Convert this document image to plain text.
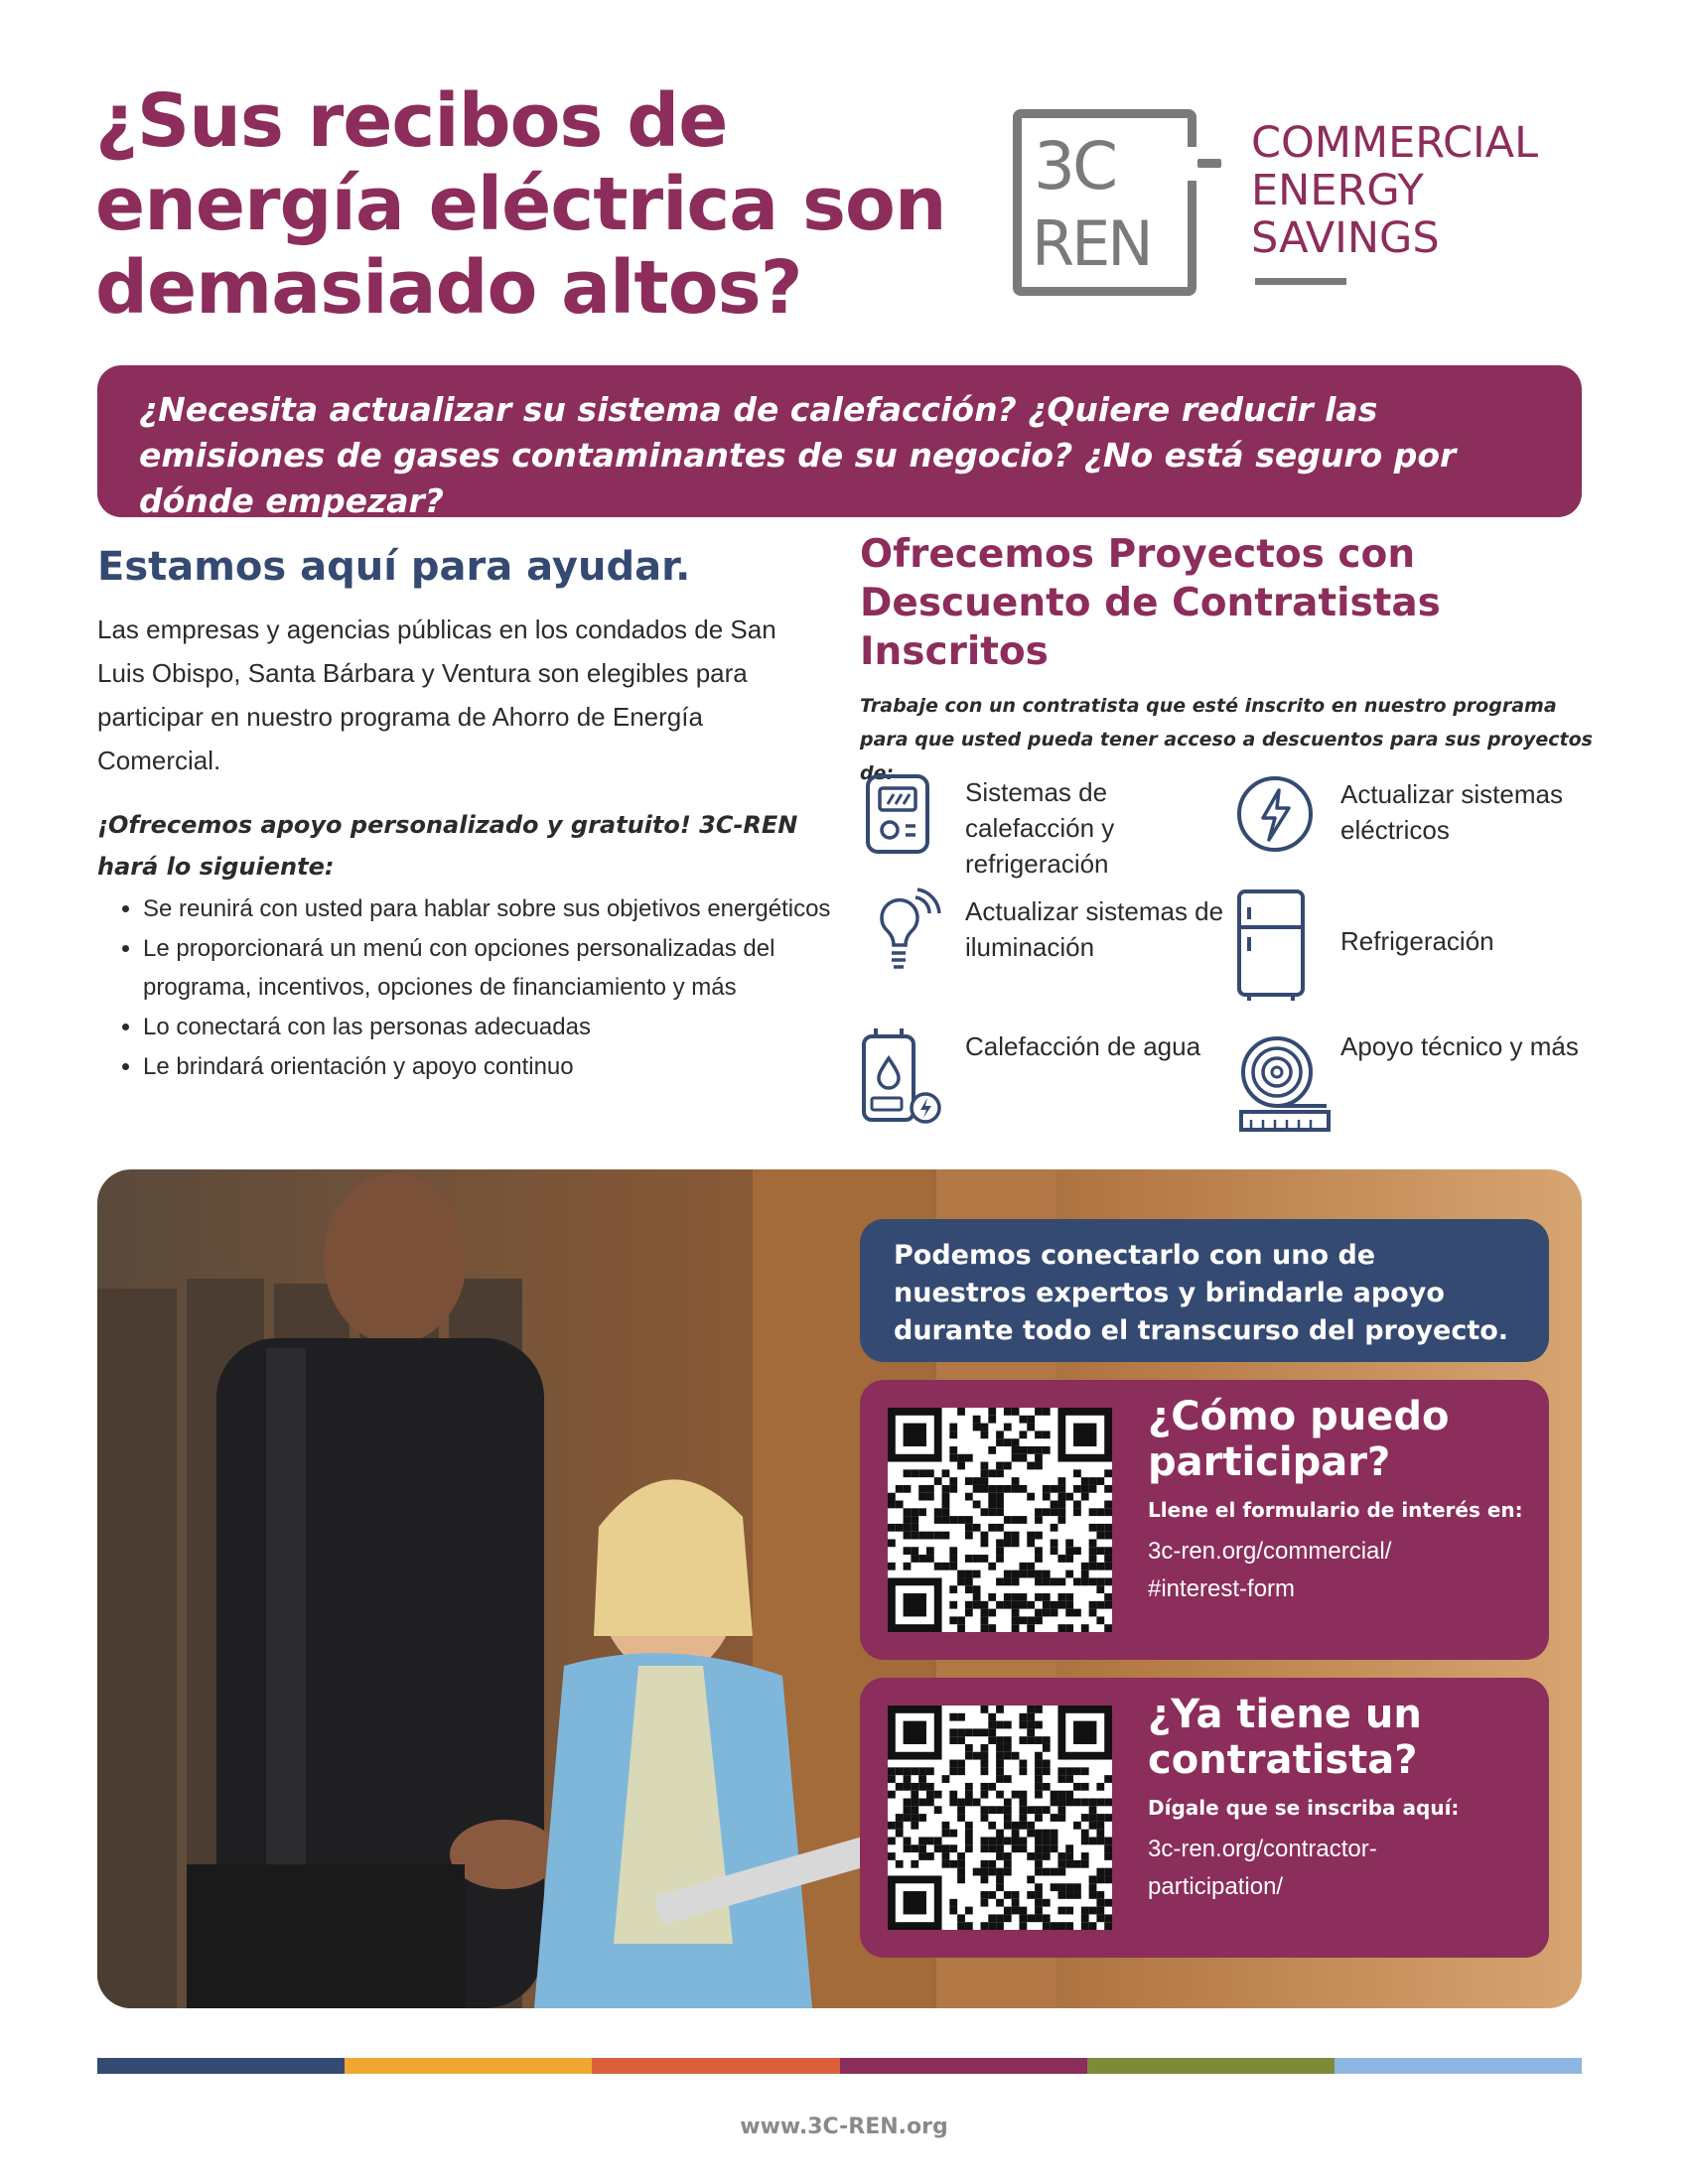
¿Sus recibos de energía eléctrica son demasiado altos?
3C
REN
COMMERCIAL
ENERGY
SAVINGS

¿Necesita actualizar su sistema de calefacción? ¿Quiere reducir las emisiones de gases contaminantes de su negocio? ¿No está seguro por dónde empezar?

Estamos aquí para ayudar.

Las empresas y agencias públicas en los condados de San Luis Obispo, Santa Bárbara y Ventura son elegibles para participar en nuestro programa de Ahorro de Energía Comercial.

¡Ofrecemos apoyo personalizado y gratuito! 3C-REN hará lo siguiente:

• Se reunirá con usted para hablar sobre sus objetivos energéticos
• Le proporcionará un menú con opciones personalizadas del programa, incentivos, opciones de financiamiento y más
• Lo conectará con las personas adecuadas
• Le brindará orientación y apoyo continuo
Ofrecemos Proyectos con Descuento de Contratistas Inscritos

Trabaje con un contratista que esté inscrito en nuestro programa para que usted pueda tener acceso a descuentos para sus proyectos de:

Sistemas de calefacción y refrigeración
Actualizar sistemas eléctricos
Actualizar sistemas de iluminación	Refrigeración
Calefacción de agua	Apoyo técnico y más

Podemos conectarlo con uno de nuestros expertos y brindarle apoyo durante todo el transcurso del proyecto.

¿Cómo puedo participar?
Llene el formulario de interés en:
3c-ren.org/commercial/
#interest-form
¿Ya tiene un contratista?
Dígale que se inscriba aquí:
3c-ren.org/contractor-
participation/
www.3C-REN.org
